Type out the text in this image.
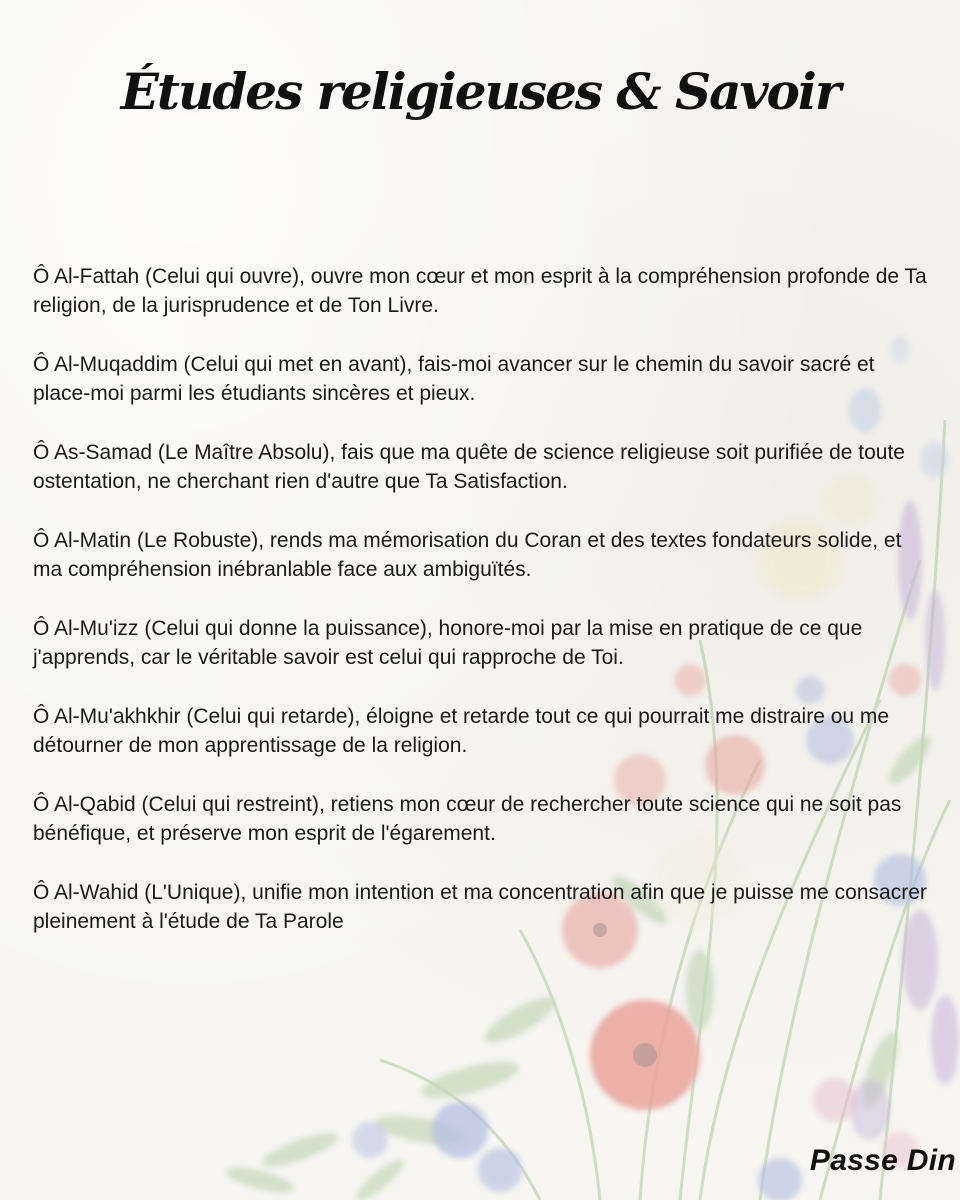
Études religieuses & Savoir

Ô Al-Fattah (Celui qui ouvre), ouvre mon cœur et mon esprit à la compréhension profonde de Ta religion, de la jurisprudence et de Ton Livre.

Ô Al-Muqaddim (Celui qui met en avant), fais-moi avancer sur le chemin du savoir sacré et place-moi parmi les étudiants sincères et pieux.

Ô As-Samad (Le Maître Absolu), fais que ma quête de science religieuse soit purifiée de toute ostentation, ne cherchant rien d'autre que Ta Satisfaction.

Ô Al-Matin (Le Robuste), rends ma mémorisation du Coran et des textes fondateurs solide, et ma compréhension inébranlable face aux ambiguïtés.

Ô Al-Mu'izz (Celui qui donne la puissance), honore-moi par la mise en pratique de ce que j'apprends, car le véritable savoir est celui qui rapproche de Toi.

Ô Al-Mu'akhkhir (Celui qui retarde), éloigne et retarde tout ce qui pourrait me distraire ou me détourner de mon apprentissage de la religion.

Ô Al-Qabid (Celui qui restreint), retiens mon cœur de rechercher toute science qui ne soit pas bénéfique, et préserve mon esprit de l'égarement.

Ô Al-Wahid (L'Unique), unifie mon intention et ma concentration afin que je puisse me consacrer pleinement à l'étude de Ta Parole

Passe Din
